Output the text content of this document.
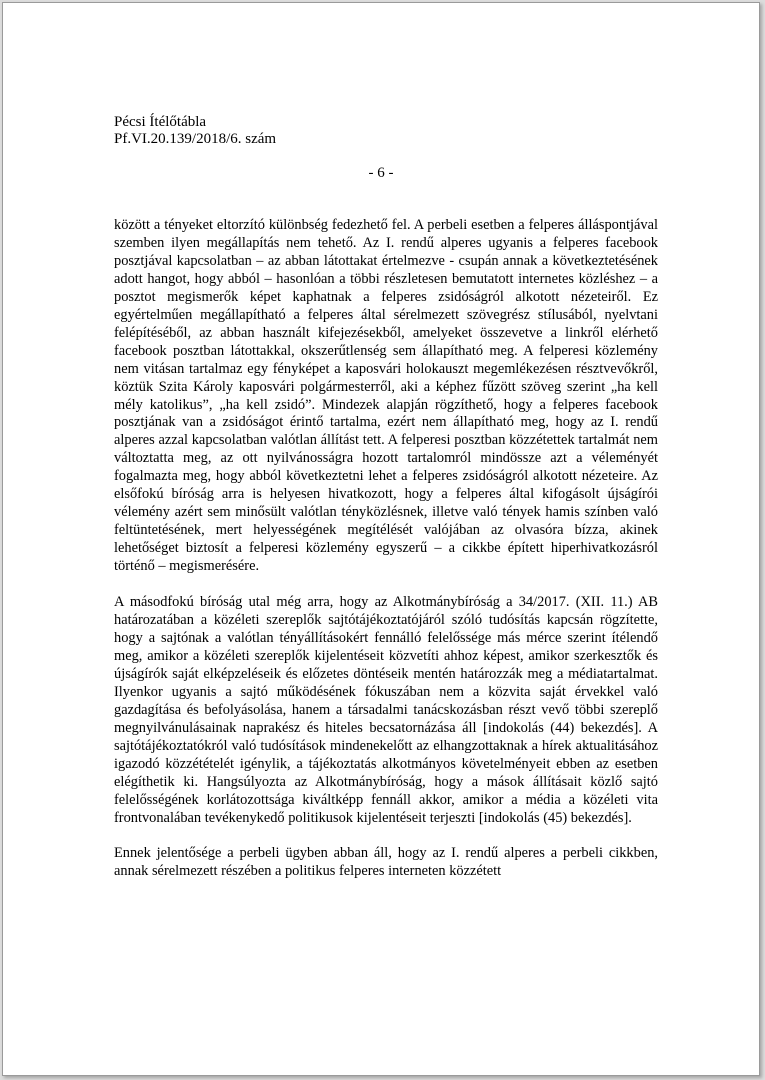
Pécsi Ítélőtábla
Pf.VI.20.139/2018/6. szám
- 6 -

között a tényeket eltorzító különbség fedezhető fel. A perbeli esetben a felperes álláspontjával szemben ilyen megállapítás nem tehető. Az I. rendű alperes ugyanis a felperes facebook posztjával kapcsolatban – az abban látottakat értelmezve - csupán annak a következtetésének adott hangot, hogy abból – hasonlóan a többi részletesen bemutatott internetes közléshez – a posztot megismerők képet kaphatnak a felperes zsidóságról alkotott nézeteiről. Ez egyértelműen megállapítható a felperes által sérelmezett szövegrész stílusából, nyelvtani felépítéséből, az abban használt kifejezésekből, amelyeket összevetve a linkről elérhető facebook posztban látottakkal, okszerűtlenség sem állapítható meg. A felperesi közlemény nem vitásan tartalmaz egy fényképet a kaposvári holokauszt megemlékezésen résztvevőkről, köztük Szita Károly kaposvári polgármesterről, aki a képhez fűzött szöveg szerint „ha kell mély katolikus”, „ha kell zsidó”. Mindezek alapján rögzíthető, hogy a felperes facebook posztjának van a zsidóságot érintő tartalma, ezért nem állapítható meg, hogy az I. rendű alperes azzal kapcsolatban valótlan állítást tett. A felperesi posztban közzétettek tartalmát nem változtatta meg, az ott nyilvánosságra hozott tartalomról mindössze azt a véleményét fogalmazta meg, hogy abból következtetni lehet a felperes zsidóságról alkotott nézeteire. Az elsőfokú bíróság arra is helyesen hivatkozott, hogy a felperes által kifogásolt újságírói vélemény azért sem minősült valótlan tényközlésnek, illetve való tények hamis színben való feltüntetésének, mert helyességének megítélését valójában az olvasóra bízza, akinek lehetőséget biztosít a felperesi közlemény egyszerű – a cikkbe épített hiperhivatkozásról történő – megismerésére.

A másodfokú bíróság utal még arra, hogy az Alkotmánybíróság a 34/2017. (XII. 11.) AB határozatában a közéleti szereplők sajtótájékoztatójáról szóló tudósítás kapcsán rögzítette, hogy a sajtónak a valótlan tényállításokért fennálló felelőssége más mérce szerint ítélendő meg, amikor a közéleti szereplők kijelentéseit közvetíti ahhoz képest, amikor szerkesztők és újságírók saját elképzeléseik és előzetes döntéseik mentén határozzák meg a médiatartalmat. Ilyenkor ugyanis a sajtó működésének fókuszában nem a közvita saját érvekkel való gazdagítása és befolyásolása, hanem a társadalmi tanácskozásban részt vevő többi szereplő megnyilvánulásainak naprakész és hiteles becsatornázása áll [indokolás (44) bekezdés]. A sajtótájékoztatókról való tudósítások mindenekelőtt az elhangzottaknak a hírek aktualitásához igazodó közzétételét igénylik, a tájékoztatás alkotmányos követelményeit ebben az esetben elégíthetik ki. Hangsúlyozta az Alkotmánybíróság, hogy a mások állításait közlő sajtó felelősségének korlátozottsága kiváltképp fennáll akkor, amikor a média a közéleti vita frontvonalában tevékenykedő politikusok kijelentéseit terjeszti [indokolás (45) bekezdés].

Ennek jelentősége a perbeli ügyben abban áll, hogy az I. rendű alperes a perbeli cikkben, annak sérelmezett részében a politikus felperes interneten közzétett
